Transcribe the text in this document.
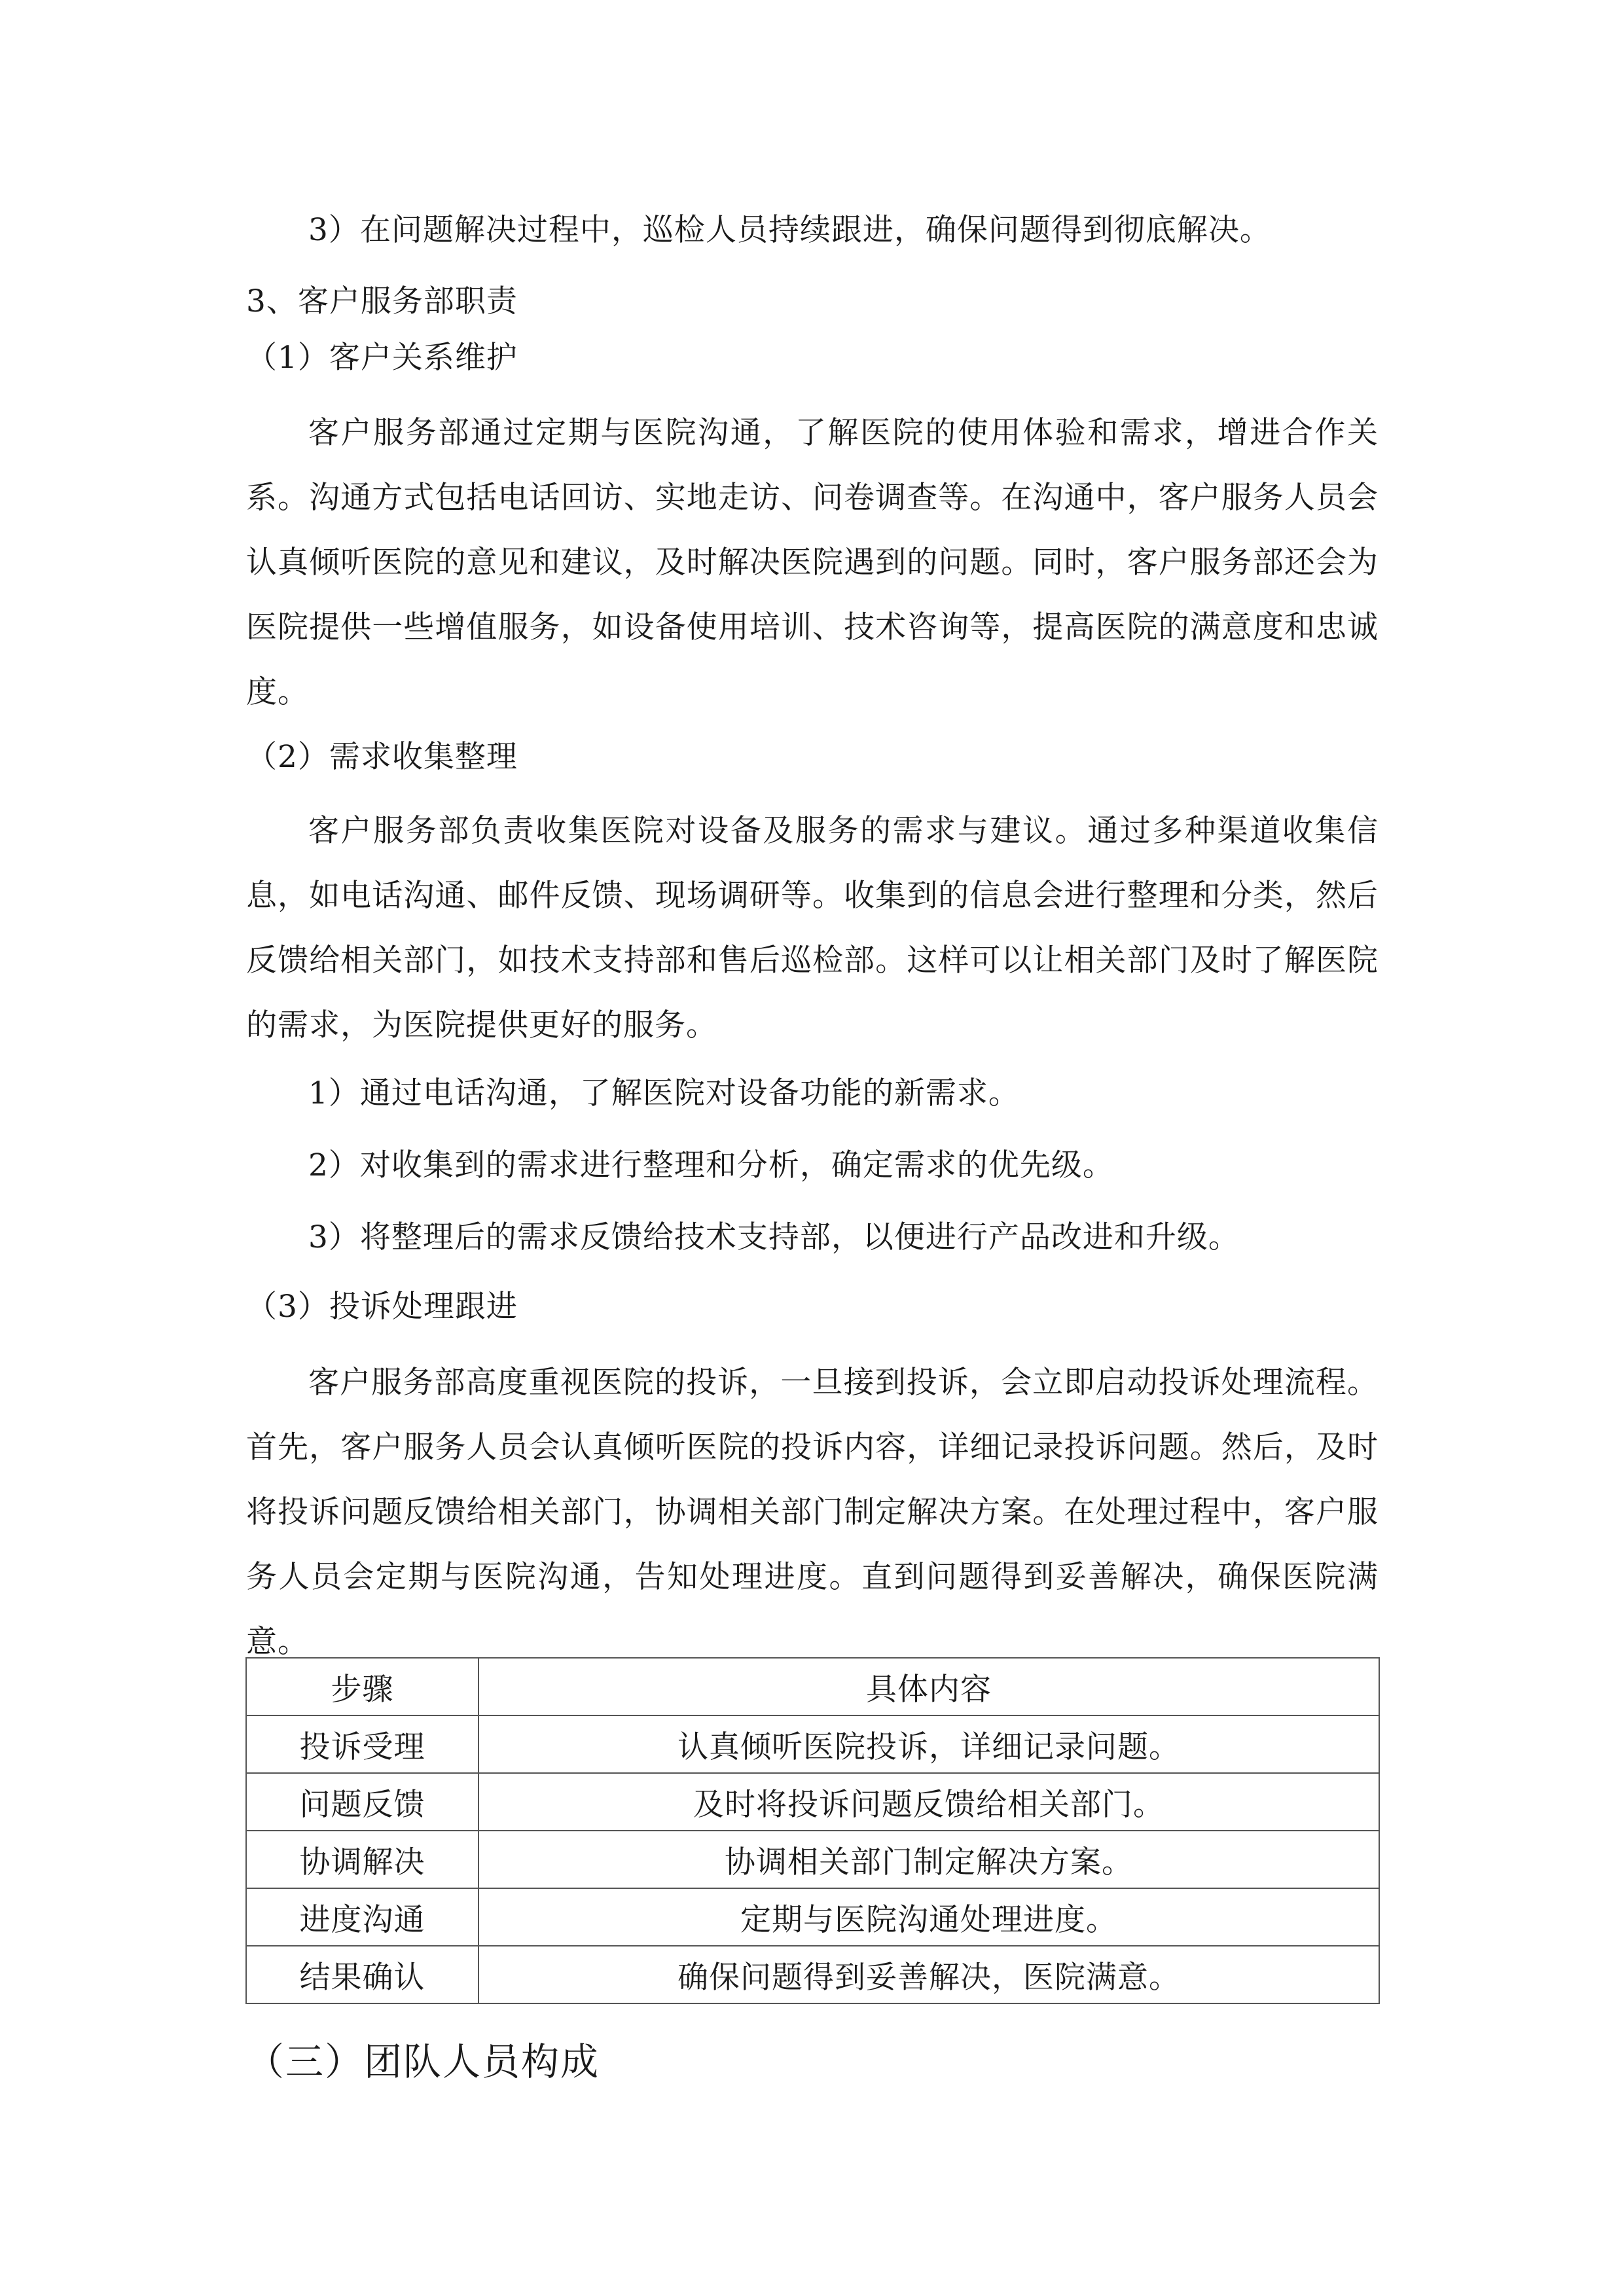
3）在问题解决过程中，巡检人员持续跟进，确保问题得到彻底解决。
3、客户服务部职责
（1）客户关系维护
客户服务部通过定期与医院沟通，了解医院的使用体验和需求，增进合作关系。沟通方式包括电话回访、实地走访、问卷调查等。在沟通中，客户服务人员会认真倾听医院的意见和建议，及时解决医院遇到的问题。同时，客户服务部还会为医院提供一些增值服务，如设备使用培训、技术咨询等，提高医院的满意度和忠诚度。
（2）需求收集整理
客户服务部负责收集医院对设备及服务的需求与建议。通过多种渠道收集信息，如电话沟通、邮件反馈、现场调研等。收集到的信息会进行整理和分类，然后反馈给相关部门，如技术支持部和售后巡检部。这样可以让相关部门及时了解医院的需求，为医院提供更好的服务。
1）通过电话沟通，了解医院对设备功能的新需求。
2）对收集到的需求进行整理和分析，确定需求的优先级。
3）将整理后的需求反馈给技术支持部，以便进行产品改进和升级。
（3）投诉处理跟进
客户服务部高度重视医院的投诉，一旦接到投诉，会立即启动投诉处理流程。首先，客户服务人员会认真倾听医院的投诉内容，详细记录投诉问题。然后，及时将投诉问题反馈给相关部门，协调相关部门制定解决方案。在处理过程中，客户服务人员会定期与医院沟通，告知处理进度。直到问题得到妥善解决，确保医院满意。
步骤	具体内容
投诉受理	认真倾听医院投诉，详细记录问题。
问题反馈	及时将投诉问题反馈给相关部门。
协调解决	协调相关部门制定解决方案。
进度沟通	定期与医院沟通处理进度。
结果确认	确保问题得到妥善解决，医院满意。
（三）团队人员构成
